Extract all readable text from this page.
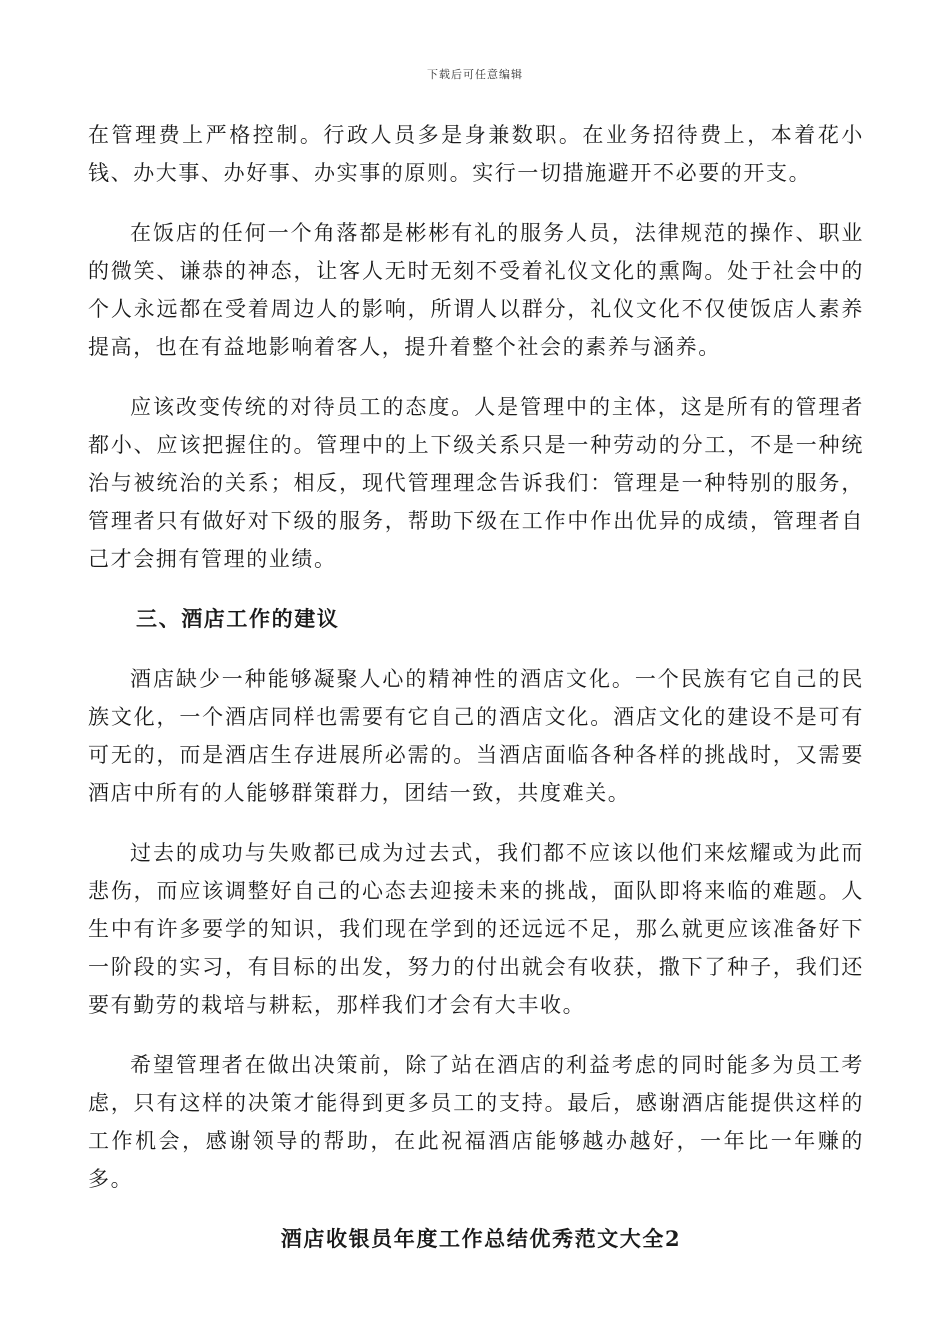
下载后可任意编辑

在管理费上严格控制。行政人员多是身兼数职。在业务招待费上，本着花小钱、办大事、办好事、办实事的原则。实行一切措施避开不必要的开支。

在饭店的任何一个角落都是彬彬有礼的服务人员，法律规范的操作、职业的微笑、谦恭的神态，让客人无时无刻不受着礼仪文化的熏陶。处于社会中的个人永远都在受着周边人的影响，所谓人以群分，礼仪文化不仅使饭店人素养提高，也在有益地影响着客人，提升着整个社会的素养与涵养。

应该改变传统的对待员工的态度。人是管理中的主体，这是所有的管理者都小、应该把握住的。管理中的上下级关系只是一种劳动的分工，不是一种统治与被统治的关系；相反，现代管理理念告诉我们：管理是一种特别的服务，管理者只有做好对下级的服务，帮助下级在工作中作出优异的成绩，管理者自己才会拥有管理的业绩。

三、酒店工作的建议

酒店缺少一种能够凝聚人心的精神性的酒店文化。一个民族有它自己的民族文化，一个酒店同样也需要有它自己的酒店文化。酒店文化的建设不是可有可无的，而是酒店生存进展所必需的。当酒店面临各种各样的挑战时，又需要酒店中所有的人能够群策群力，团结一致，共度难关。

过去的成功与失败都已成为过去式，我们都不应该以他们来炫耀或为此而悲伤，而应该调整好自己的心态去迎接未来的挑战，面队即将来临的难题。人生中有许多要学的知识，我们现在学到的还远远不足，那么就更应该准备好下一阶段的实习，有目标的出发，努力的付出就会有收获，撒下了种子，我们还要有勤劳的栽培与耕耘，那样我们才会有大丰收。

希望管理者在做出决策前，除了站在酒店的利益考虑的同时能多为员工考虑，只有这样的决策才能得到更多员工的支持。最后，感谢酒店能提供这样的工作机会，感谢领导的帮助，在此祝福酒店能够越办越好，一年比一年赚的多。

酒店收银员年度工作总结优秀范文大全2
